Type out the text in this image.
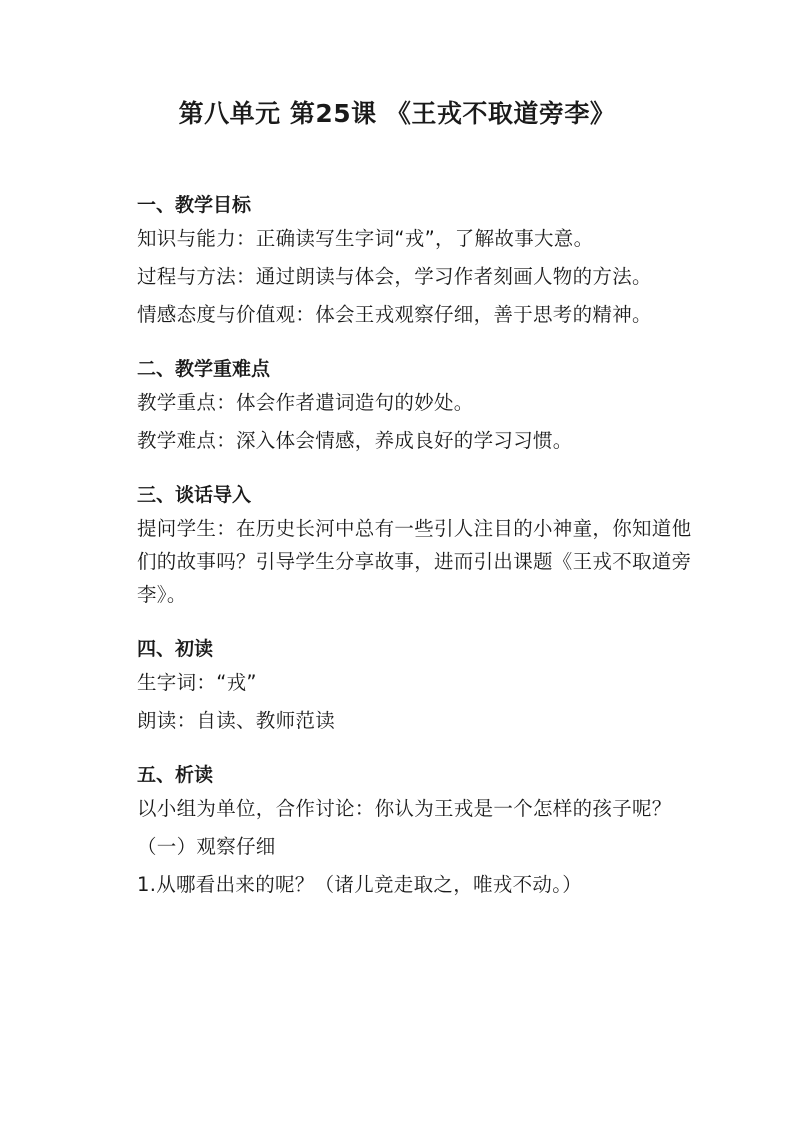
第八单元 第25课 《王戎不取道旁李》

一、教学目标

知识与能力：正确读写生字词“戎”，了解故事大意。

过程与方法：通过朗读与体会，学习作者刻画人物的方法。

情感态度与价值观：体会王戎观察仔细，善于思考的精神。

二、教学重难点

教学重点：体会作者遣词造句的妙处。

教学难点：深入体会情感，养成良好的学习习惯。

三、谈话导入

提问学生：在历史长河中总有一些引人注目的小神童，你知道他们的故事吗？引导学生分享故事，进而引出课题《王戎不取道旁李》。

四、初读

生字词：“戎”

朗读：自读、教师范读

五、析读

以小组为单位，合作讨论：你认为王戎是一个怎样的孩子呢？

（一）观察仔细

1.从哪看出来的呢？（诸儿竞走取之，唯戎不动。）
